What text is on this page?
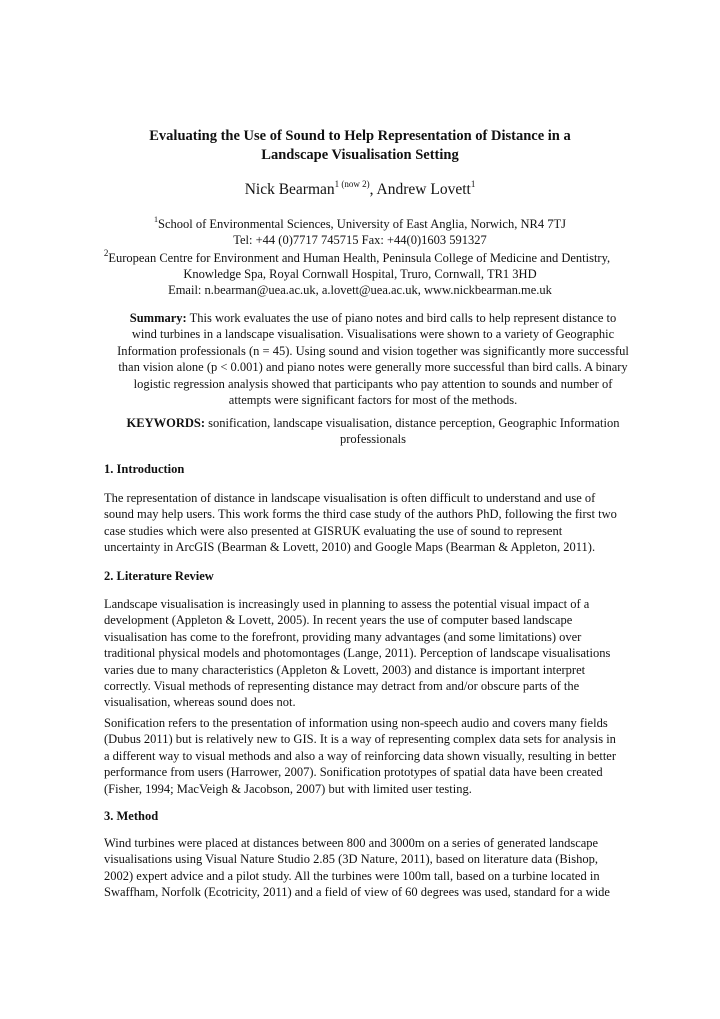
Evaluating the Use of Sound to Help Representation of Distance in a
Landscape Visualisation Setting
Nick Bearman$^{1 (now 2)}$, Andrew Lovett$^1$
$^1$School of Environmental Sciences, University of East Anglia, Norwich, NR4 7TJ
Tel: +44 (0)7717 745715 Fax: +44(0)1603 591327
$^2$European Centre for Environment and Human Health, Peninsula College of Medicine and Dentistry,
Knowledge Spa, Royal Cornwall Hospital, Truro, Cornwall, TR1 3HD
Email: n.bearman@uea.ac.uk, a.lovett@uea.ac.uk, www.nickbearman.me.uk
Summary: This work evaluates the use of piano notes and bird calls to help represent distance to
wind turbines in a landscape visualisation. Visualisations were shown to a variety of Geographic
Information professionals (n = 45). Using sound and vision together was significantly more successful
than vision alone (p < 0.001) and piano notes were generally more successful than bird calls. A binary
logistic regression analysis showed that participants who pay attention to sounds and number of
attempts were significant factors for most of the methods.
KEYWORDS: sonification, landscape visualisation, distance perception, Geographic Information
professionals
1. Introduction
The representation of distance in landscape visualisation is often difficult to understand and use of
sound may help users. This work forms the third case study of the authors PhD, following the first two
case studies which were also presented at GISRUK evaluating the use of sound to represent
uncertainty in ArcGIS (Bearman & Lovett, 2010) and Google Maps (Bearman & Appleton, 2011).
2. Literature Review
Landscape visualisation is increasingly used in planning to assess the potential visual impact of a
development (Appleton & Lovett, 2005). In recent years the use of computer based landscape
visualisation has come to the forefront, providing many advantages (and some limitations) over
traditional physical models and photomontages (Lange, 2011). Perception of landscape visualisations
varies due to many characteristics (Appleton & Lovett, 2003) and distance is important interpret
correctly. Visual methods of representing distance may detract from and/or obscure parts of the
visualisation, whereas sound does not.
Sonification refers to the presentation of information using non-speech audio and covers many fields
(Dubus 2011) but is relatively new to GIS. It is a way of representing complex data sets for analysis in
a different way to visual methods and also a way of reinforcing data shown visually, resulting in better
performance from users (Harrower, 2007). Sonification prototypes of spatial data have been created
(Fisher, 1994; MacVeigh & Jacobson, 2007) but with limited user testing.
3. Method
Wind turbines were placed at distances between 800 and 3000m on a series of generated landscape
visualisations using Visual Nature Studio 2.85 (3D Nature, 2011), based on literature data (Bishop,
2002) expert advice and a pilot study. All the turbines were 100m tall, based on a turbine located in
Swaffham, Norfolk (Ecotricity, 2011) and a field of view of 60 degrees was used, standard for a wide
